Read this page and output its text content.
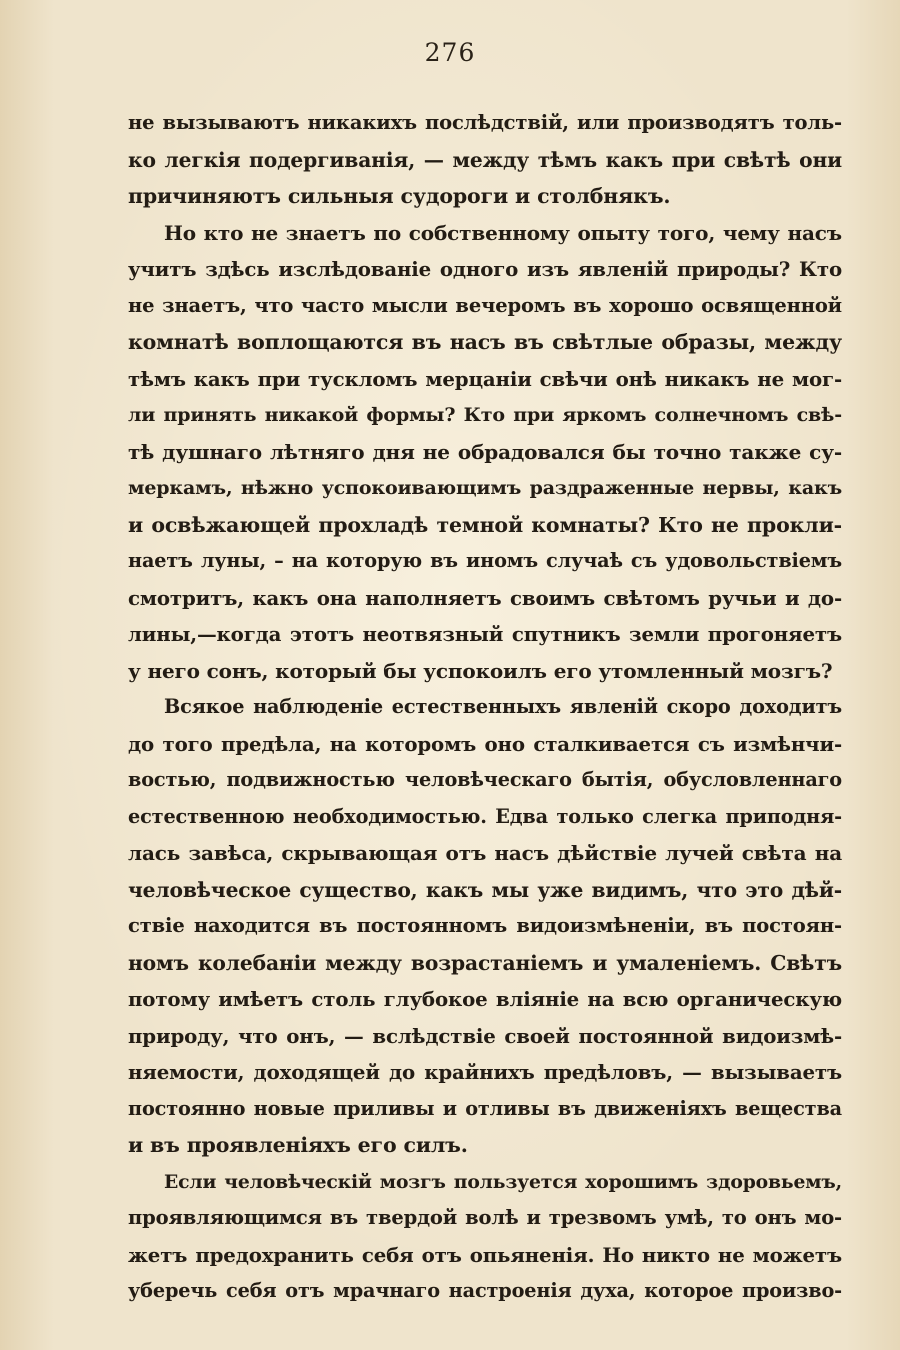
276
не вызываютъ никакихъ послѣдствій, или производятъ толь-
ко легкія подергиванія, — между тѣмъ какъ при свѣтѣ они
причиняютъ сильныя судороги и столбнякъ.
Но кто не знаетъ по собственному опыту того, чему насъ
учитъ здѣсь изслѣдованіе одного изъ явленій природы? Кто
не знаетъ, что часто мысли вечеромъ въ хорошо освященной
комнатѣ воплощаются въ насъ въ свѣтлые образы, между
тѣмъ какъ при тускломъ мерцаніи свѣчи онѣ никакъ не мог-
ли принять никакой формы? Кто при яркомъ солнечномъ свѣ-
тѣ душнаго лѣтняго дня не обрадовался бы точно также су-
меркамъ, нѣжно успокоивающимъ раздраженные нервы, какъ
и освѣжающей прохладѣ темной комнаты? Кто не прокли-
наетъ луны, – на которую въ иномъ случаѣ съ удовольствіемъ
смотритъ, какъ она наполняетъ своимъ свѣтомъ ручьи и до-
лины,—когда этотъ неотвязный спутникъ земли прогоняетъ
у него сонъ, который бы успокоилъ его утомленный мозгъ?
Всякое наблюденіе естественныхъ явленій скоро доходитъ
до того предѣла, на которомъ оно сталкивается съ измѣнчи-
востью, подвижностью человѣческаго бытія, обусловленнаго
естественною необходимостью. Едва только слегка приподня-
лась завѣса, скрывающая отъ насъ дѣйствіе лучей свѣта на
человѣческое существо, какъ мы уже видимъ, что это дѣй-
ствіе находится въ постоянномъ видоизмѣненіи, въ постоян-
номъ колебаніи между возрастаніемъ и умаленіемъ. Свѣтъ
потому имѣетъ столь глубокое вліяніе на всю органическую
природу, что онъ, — вслѣдствіе своей постоянной видоизмѣ-
няемости, доходящей до крайнихъ предѣловъ, — вызываетъ
постоянно новые приливы и отливы въ движеніяхъ вещества
и въ проявленіяхъ его силъ.
Если человѣческій мозгъ пользуется хорошимъ здоровьемъ,
проявляющимся въ твердой волѣ и трезвомъ умѣ, то онъ мо-
жетъ предохранить себя отъ опьяненія. Но никто не можетъ
уберечь себя отъ мрачнаго настроенія духа, которое произво-
